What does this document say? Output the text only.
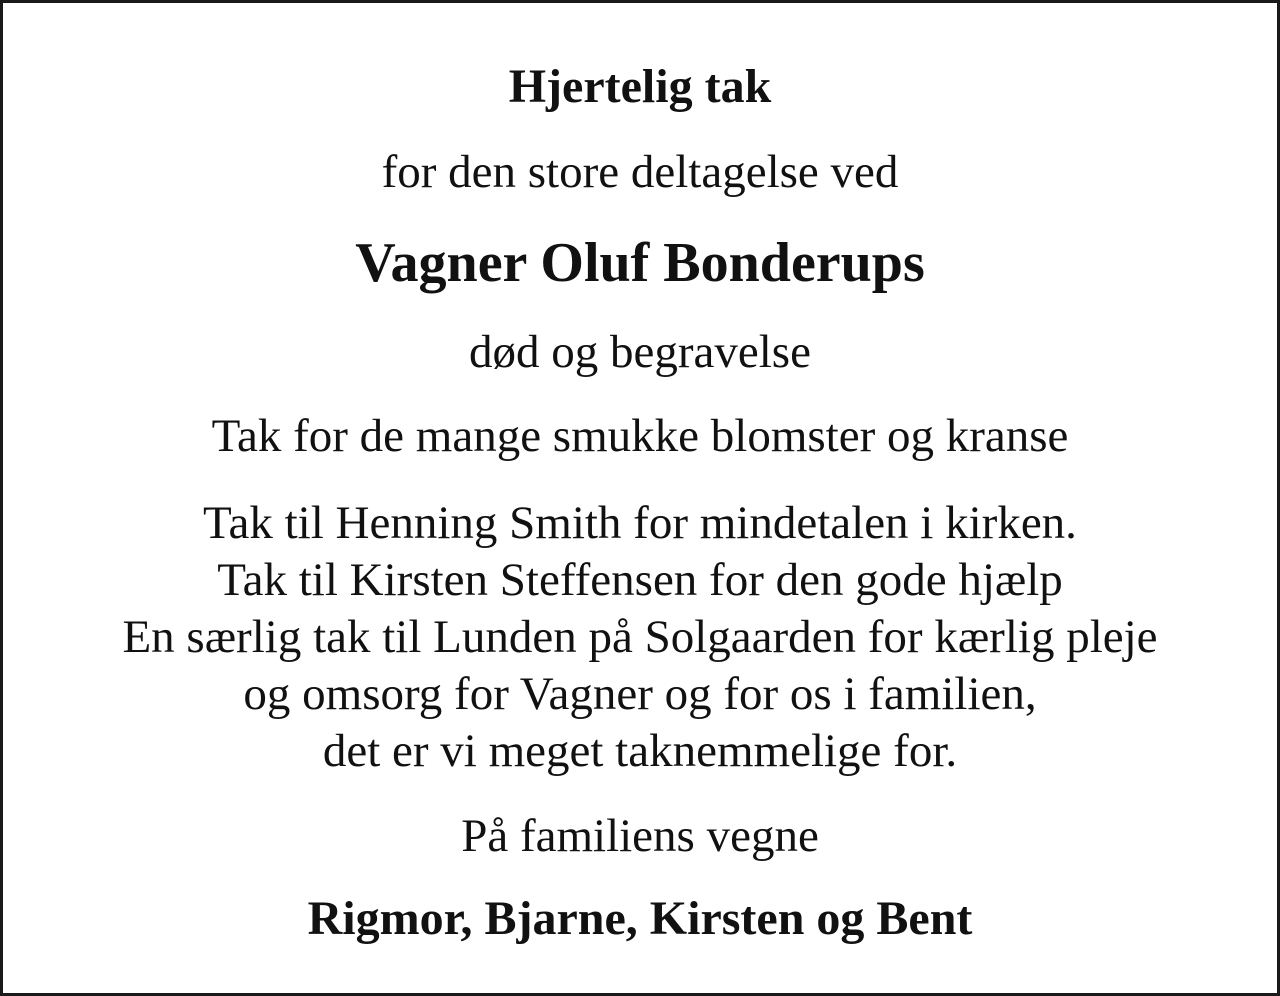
Hjertelig tak
for den store deltagelse ved
Vagner Oluf Bonderups
død og begravelse
Tak for de mange smukke blomster og kranse
Tak til Henning Smith for mindetalen i kirken.
Tak til Kirsten Steffensen for den gode hjælp
En særlig tak til Lunden på Solgaarden for kærlig pleje
og omsorg for Vagner og for os i familien,
det er vi meget taknemmelige for.
På familiens vegne
Rigmor, Bjarne, Kirsten og Bent
